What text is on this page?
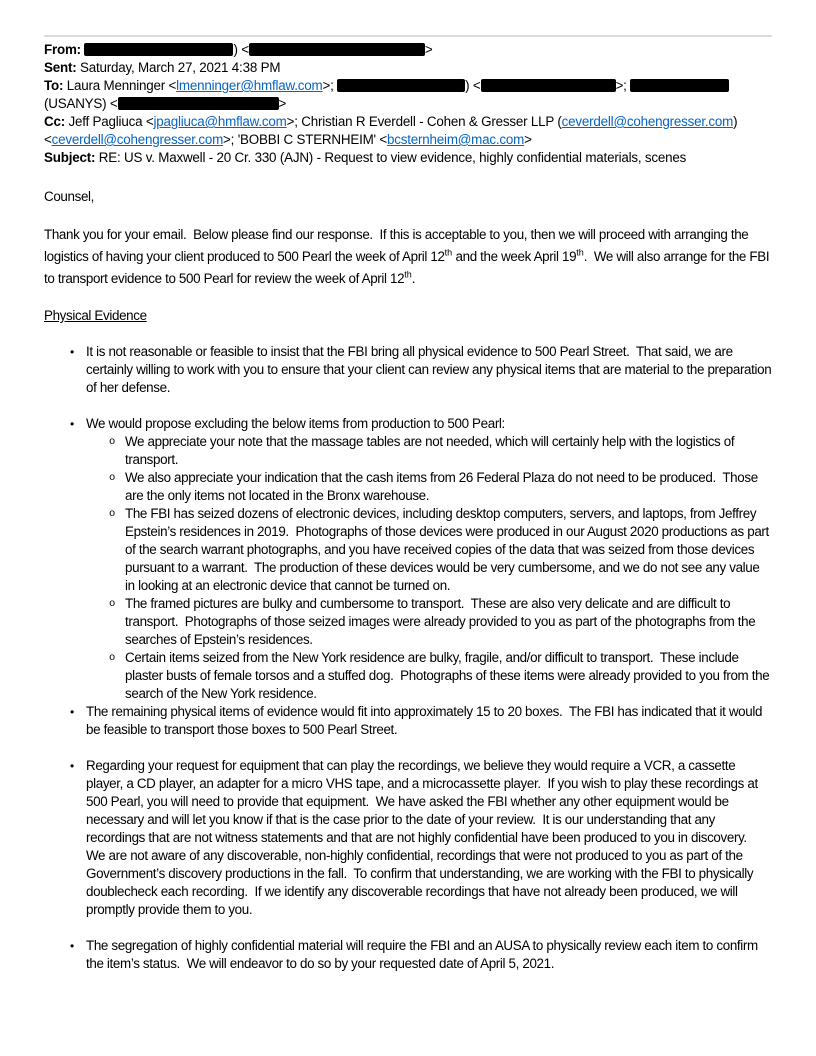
From:	) <	>
Sent: Saturday, March 27, 2021 4:38 PM
To: Laura Menninger <lmenninger@hmflaw.com>;	) <	>;
(USANYS) <	>
Cc: Jeff Pagliuca <jpagliuca@hmflaw.com>; Christian R Everdell - Cohen & Gresser LLP (ceverdell@cohengresser.com)
<ceverdell@cohengresser.com>; 'BOBBI C STERNHEIM' <bcsternheim@mac.com>
Subject: RE: US v. Maxwell - 20 Cr. 330 (AJN) - Request to view evidence, highly confidential materials, scenes
Counsel,
Thank you for your email.  Below please find our response.  If this is acceptable to you, then we will proceed with arranging the logistics of having your client produced to 500 Pearl the week of April 12th and the week April 19th.  We will also arrange for the FBI to transport evidence to 500 Pearl for review the week of April 12th.
Physical Evidence
• It is not reasonable or feasible to insist that the FBI bring all physical evidence to 500 Pearl Street.  That said, we are certainly willing to work with you to ensure that your client can review any physical items that are material to the preparation of her defense.
• We would propose excluding the below items from production to 500 Pearl:
o We appreciate your note that the massage tables are not needed, which will certainly help with the logistics of transport.
o We also appreciate your indication that the cash items from 26 Federal Plaza do not need to be produced.  Those are the only items not located in the Bronx warehouse.
o The FBI has seized dozens of electronic devices, including desktop computers, servers, and laptops, from Jeffrey Epstein’s residences in 2019.  Photographs of those devices were produced in our August 2020 productions as part of the search warrant photographs, and you have received copies of the data that was seized from those devices pursuant to a warrant.  The production of these devices would be very cumbersome, and we do not see any value in looking at an electronic device that cannot be turned on.
o The framed pictures are bulky and cumbersome to transport.  These are also very delicate and are difficult to transport.  Photographs of those seized images were already provided to you as part of the photographs from the searches of Epstein’s residences.
o Certain items seized from the New York residence are bulky, fragile, and/or difficult to transport.  These include plaster busts of female torsos and a stuffed dog.  Photographs of these items were already provided to you from the search of the New York residence.
• The remaining physical items of evidence would fit into approximately 15 to 20 boxes.  The FBI has indicated that it would be feasible to transport those boxes to 500 Pearl Street.
• Regarding your request for equipment that can play the recordings, we believe they would require a VCR, a cassette player, a CD player, an adapter for a micro VHS tape, and a microcassette player.  If you wish to play these recordings at 500 Pearl, you will need to provide that equipment.  We have asked the FBI whether any other equipment would be necessary and will let you know if that is the case prior to the date of your review.  It is our understanding that any recordings that are not witness statements and that are not highly confidential have been produced to you in discovery.  We are not aware of any discoverable, non-highly confidential, recordings that were not produced to you as part of the Government’s discovery productions in the fall.  To confirm that understanding, we are working with the FBI to physically doublecheck each recording.  If we identify any discoverable recordings that have not already been produced, we will promptly provide them to you.
• The segregation of highly confidential material will require the FBI and an AUSA to physically review each item to confirm the item’s status.  We will endeavor to do so by your requested date of April 5, 2021.
